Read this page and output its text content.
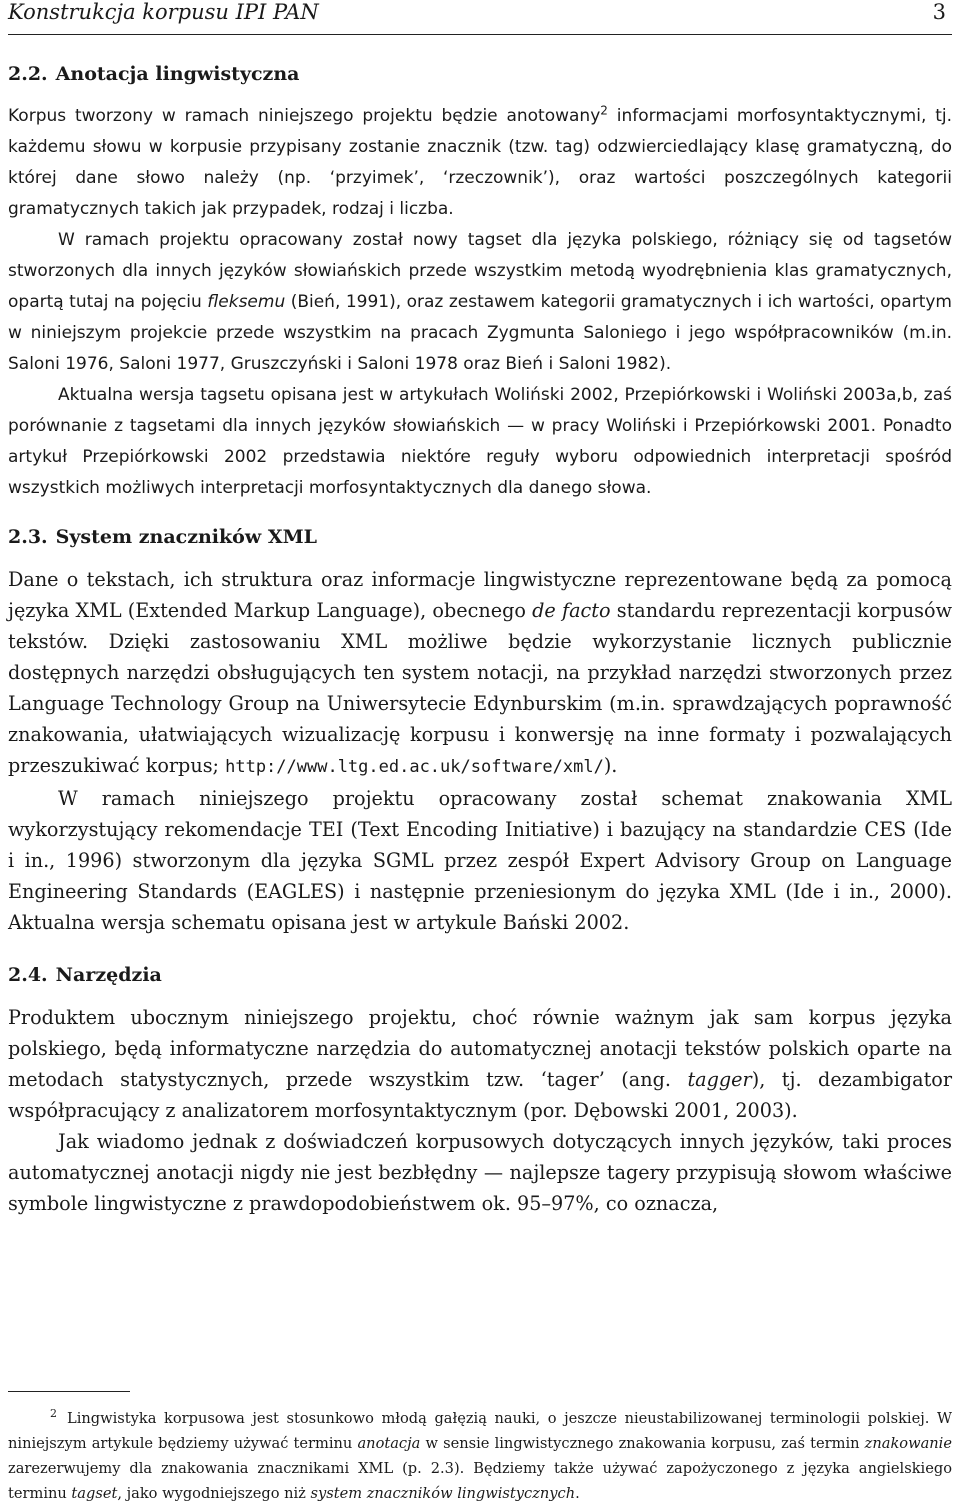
Konstrukcja korpusu IPI PAN	3
2.2. Anotacja lingwistyczna

Korpus tworzony w ramach niniejszego projektu będzie anotowany$^2$ informacjami morfosyntaktycznymi, tj. każdemu słowu w korpusie przypisany zostanie znacznik (tzw. tag) odzwierciedlający klasę gramatyczną, do której dane słowo należy (np. ‘przyimek’, ‘rzeczownik’), oraz wartości poszczególnych kategorii gramatycznych takich jak przypadek, rodzaj i liczba.

W ramach projektu opracowany został nowy tagset dla języka polskiego, różniący się od tagsetów stworzonych dla innych języków słowiańskich przede wszystkim metodą wyodrębnienia klas gramatycznych, opartą tutaj na pojęciu fleksemu (Bień, 1991), oraz zestawem kategorii gramatycznych i ich wartości, opartym w niniejszym projekcie przede wszystkim na pracach Zygmunta Saloniego i jego współpracowników (m.in. Saloni 1976, Saloni 1977, Gruszczyński i Saloni 1978 oraz Bień i Saloni 1982).

Aktualna wersja tagsetu opisana jest w artykułach Woliński 2002, Przepiórkowski i Woliński 2003a,b, zaś porównanie z tagsetami dla innych języków słowiańskich — w pracy Woliński i Przepiórkowski 2001. Ponadto artykuł Przepiórkowski 2002 przedstawia niektóre reguły wyboru odpowiednich interpretacji spośród wszystkich możliwych interpretacji morfosyntaktycznych dla danego słowa.

2.3. System znaczników XML

Dane o tekstach, ich struktura oraz informacje lingwistyczne reprezentowane będą za pomocą języka XML (Extended Markup Language), obecnego de facto standardu reprezentacji korpusów tekstów. Dzięki zastosowaniu XML możliwe będzie wykorzystanie licznych publicznie dostępnych narzędzi obsługujących ten system notacji, na przykład narzędzi stworzonych przez Language Technology Group na Uniwersytecie Edynburskim (m.in. sprawdzających poprawność znakowania, ułatwiających wizualizację korpusu i konwersję na inne formaty i pozwalających przeszukiwać korpus; http://www.ltg.ed.ac.uk/software/xml/).

W ramach niniejszego projektu opracowany został schemat znakowania XML wykorzystujący rekomendacje TEI (Text Encoding Initiative) i bazujący na standardzie CES (Ide i in., 1996) stworzonym dla języka SGML przez zespół Expert Advisory Group on Language Engineering Standards (EAGLES) i następnie przeniesionym do języka XML (Ide i in., 2000). Aktualna wersja schematu opisana jest w artykule Bański 2002.

2.4. Narzędzia

Produktem ubocznym niniejszego projektu, choć równie ważnym jak sam korpus języka polskiego, będą informatyczne narzędzia do automatycznej anotacji tekstów polskich oparte na metodach statystycznych, przede wszystkim tzw. ‘tager’ (ang. tagger), tj. dezambigator współpracujący z analizatorem morfosyntaktycznym (por. Dębowski 2001, 2003).

Jak wiadomo jednak z doświadczeń korpusowych dotyczących innych języków, taki proces automatycznej anotacji nigdy nie jest bezbłędny — najlepsze tagery przypisują słowom właściwe symbole lingwistyczne z prawdopodobieństwem ok. 95–97%, co oznacza,

$^2$ Lingwistyka korpusowa jest stosunkowo młodą gałęzią nauki, o jeszcze nieustabilizowanej terminologii polskiej. W niniejszym artykule będziemy używać terminu anotacja w sensie lingwistycznego znakowania korpusu, zaś termin znakowanie zarezerwujemy dla znakowania znacznikami XML (p. 2.3). Będziemy także używać zapożyczonego z języka angielskiego terminu tagset, jako wygodniejszego niż system znaczników lingwistycznych.
